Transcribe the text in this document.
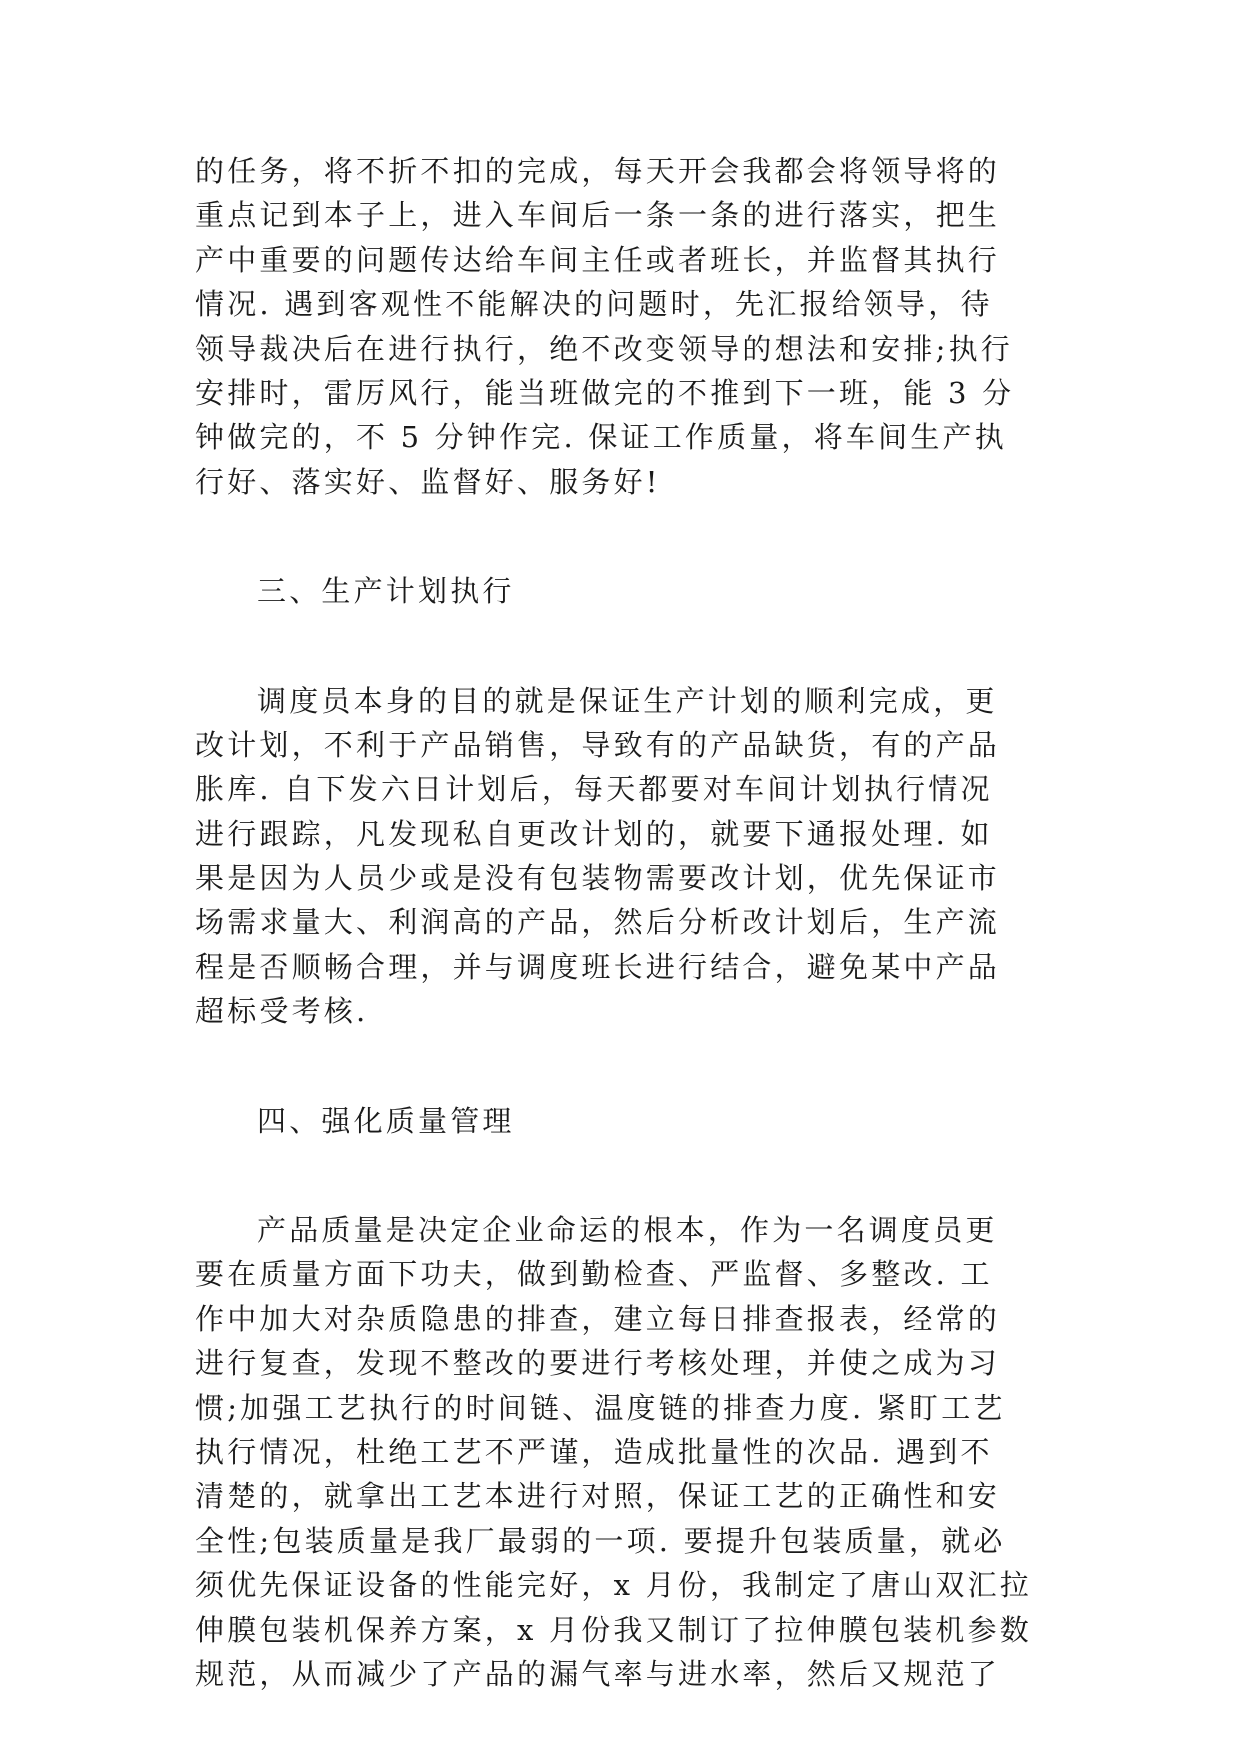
的任务，将不折不扣的完成，每天开会我都会将领导将的
重点记到本子上，进入车间后一条一条的进行落实，把生
产中重要的问题传达给车间主任或者班长，并监督其执行
情况. 遇到客观性不能解决的问题时，先汇报给领导，待
领导裁决后在进行执行，绝不改变领导的想法和安排;执行
安排时，雷厉风行，能当班做完的不推到下一班，能 3 分
钟做完的，不 5 分钟作完. 保证工作质量，将车间生产执
行好、落实好、监督好、服务好!
三、生产计划执行
调度员本身的目的就是保证生产计划的顺利完成，更
改计划，不利于产品销售，导致有的产品缺货，有的产品
胀库. 自下发六日计划后，每天都要对车间计划执行情况
进行跟踪，凡发现私自更改计划的，就要下通报处理. 如
果是因为人员少或是没有包装物需要改计划，优先保证市
场需求量大、利润高的产品，然后分析改计划后，生产流
程是否顺畅合理，并与调度班长进行结合，避免某中产品
超标受考核.
四、强化质量管理
产品质量是决定企业命运的根本，作为一名调度员更
要在质量方面下功夫，做到勤检查、严监督、多整改. 工
作中加大对杂质隐患的排查，建立每日排查报表，经常的
进行复查，发现不整改的要进行考核处理，并使之成为习
惯;加强工艺执行的时间链、温度链的排查力度. 紧盯工艺
执行情况，杜绝工艺不严谨，造成批量性的次品. 遇到不
清楚的，就拿出工艺本进行对照，保证工艺的正确性和安
全性;包装质量是我厂最弱的一项. 要提升包装质量，就必
须优先保证设备的性能完好，x 月份，我制定了唐山双汇拉
伸膜包装机保养方案，x 月份我又制订了拉伸膜包装机参数
规范，从而减少了产品的漏气率与进水率，然后又规范了
